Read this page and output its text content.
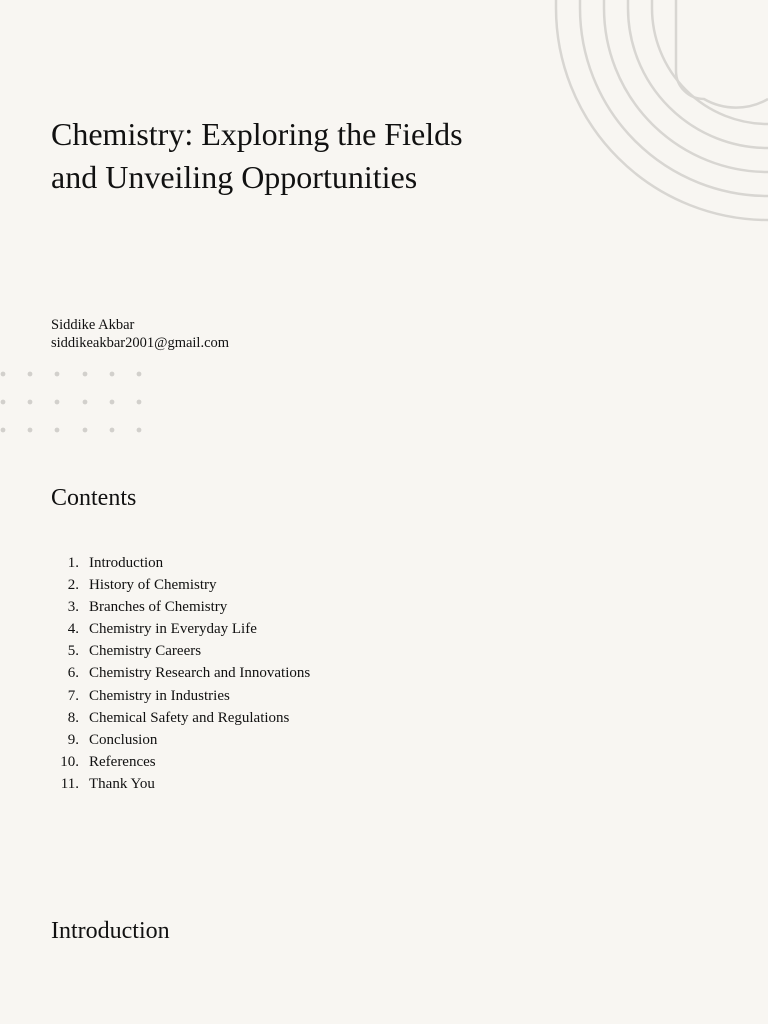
Chemistry: Exploring the Fields and Unveiling Opportunities
Siddike Akbar
siddikeakbar2001@gmail.com
Contents
1. Introduction
2. History of Chemistry
3. Branches of Chemistry
4. Chemistry in Everyday Life
5. Chemistry Careers
6. Chemistry Research and Innovations
7. Chemistry in Industries
8. Chemical Safety and Regulations
9. Conclusion
10. References
11. Thank You
Introduction
